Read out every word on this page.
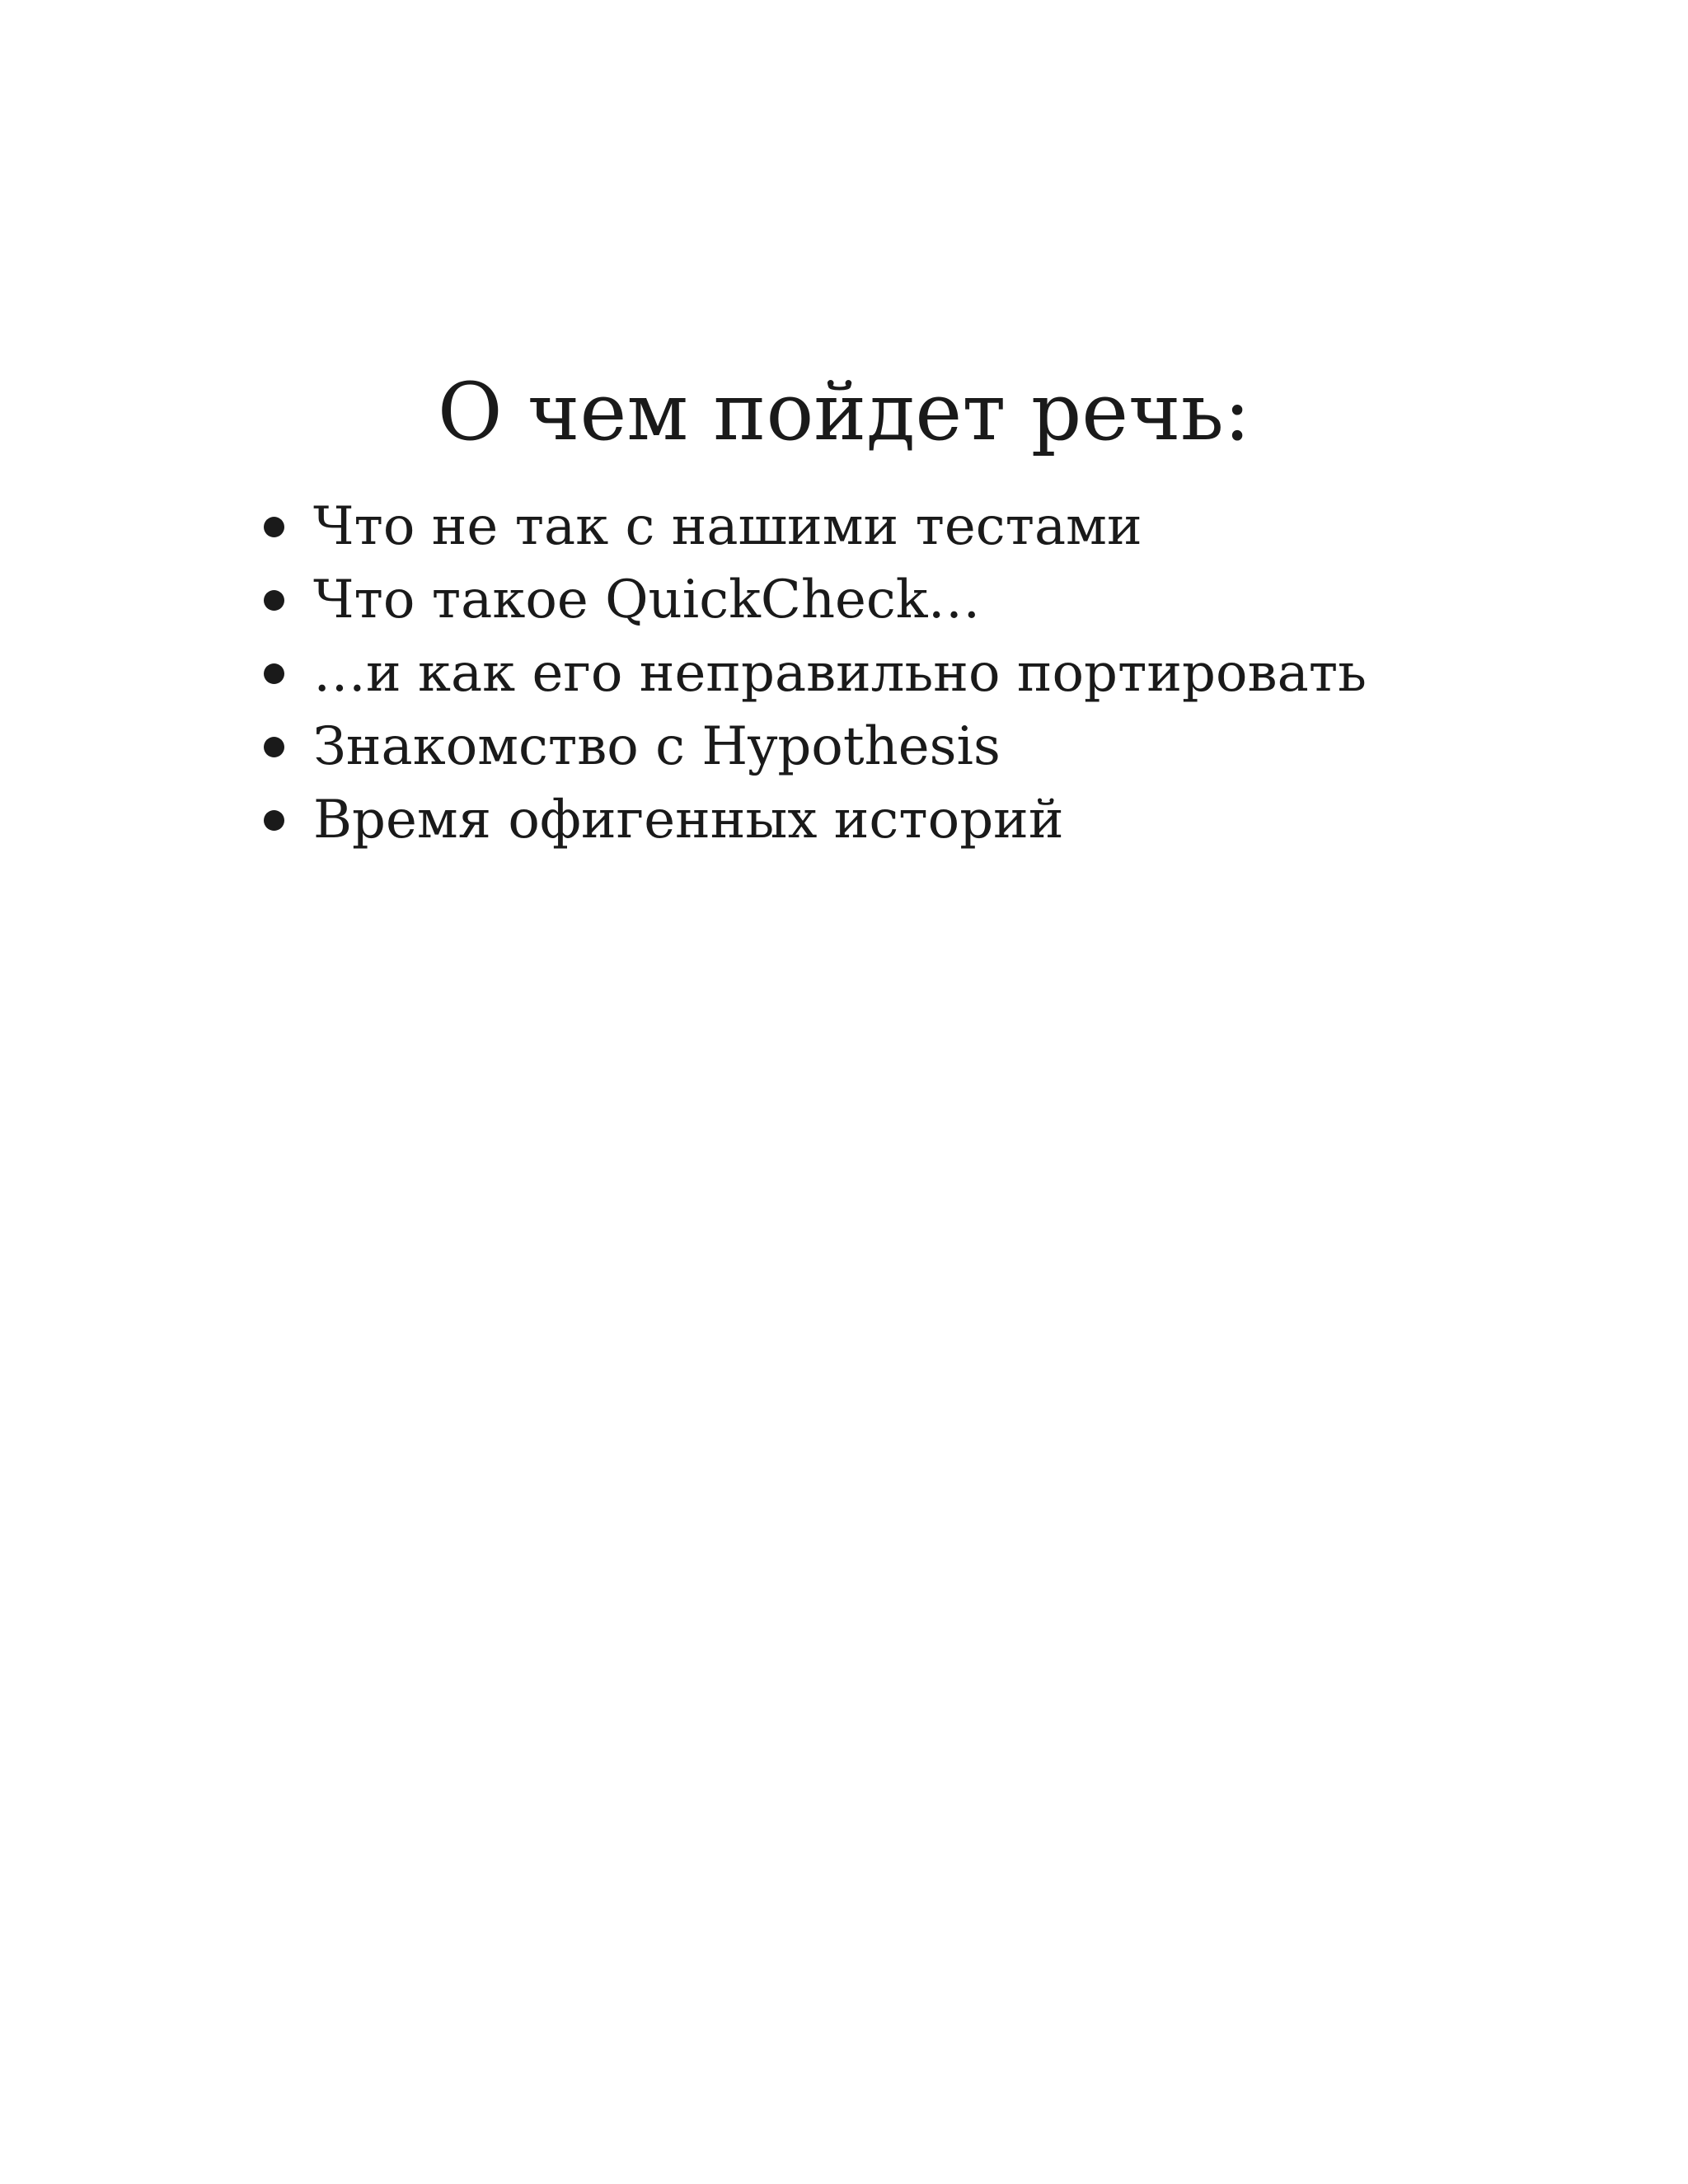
О чем пойдет речь:
Что не так с нашими тестами
Что такое QuickCheck…
…и как его неправильно портировать
Знакомство с Hypothesis
Время офигенных историй
